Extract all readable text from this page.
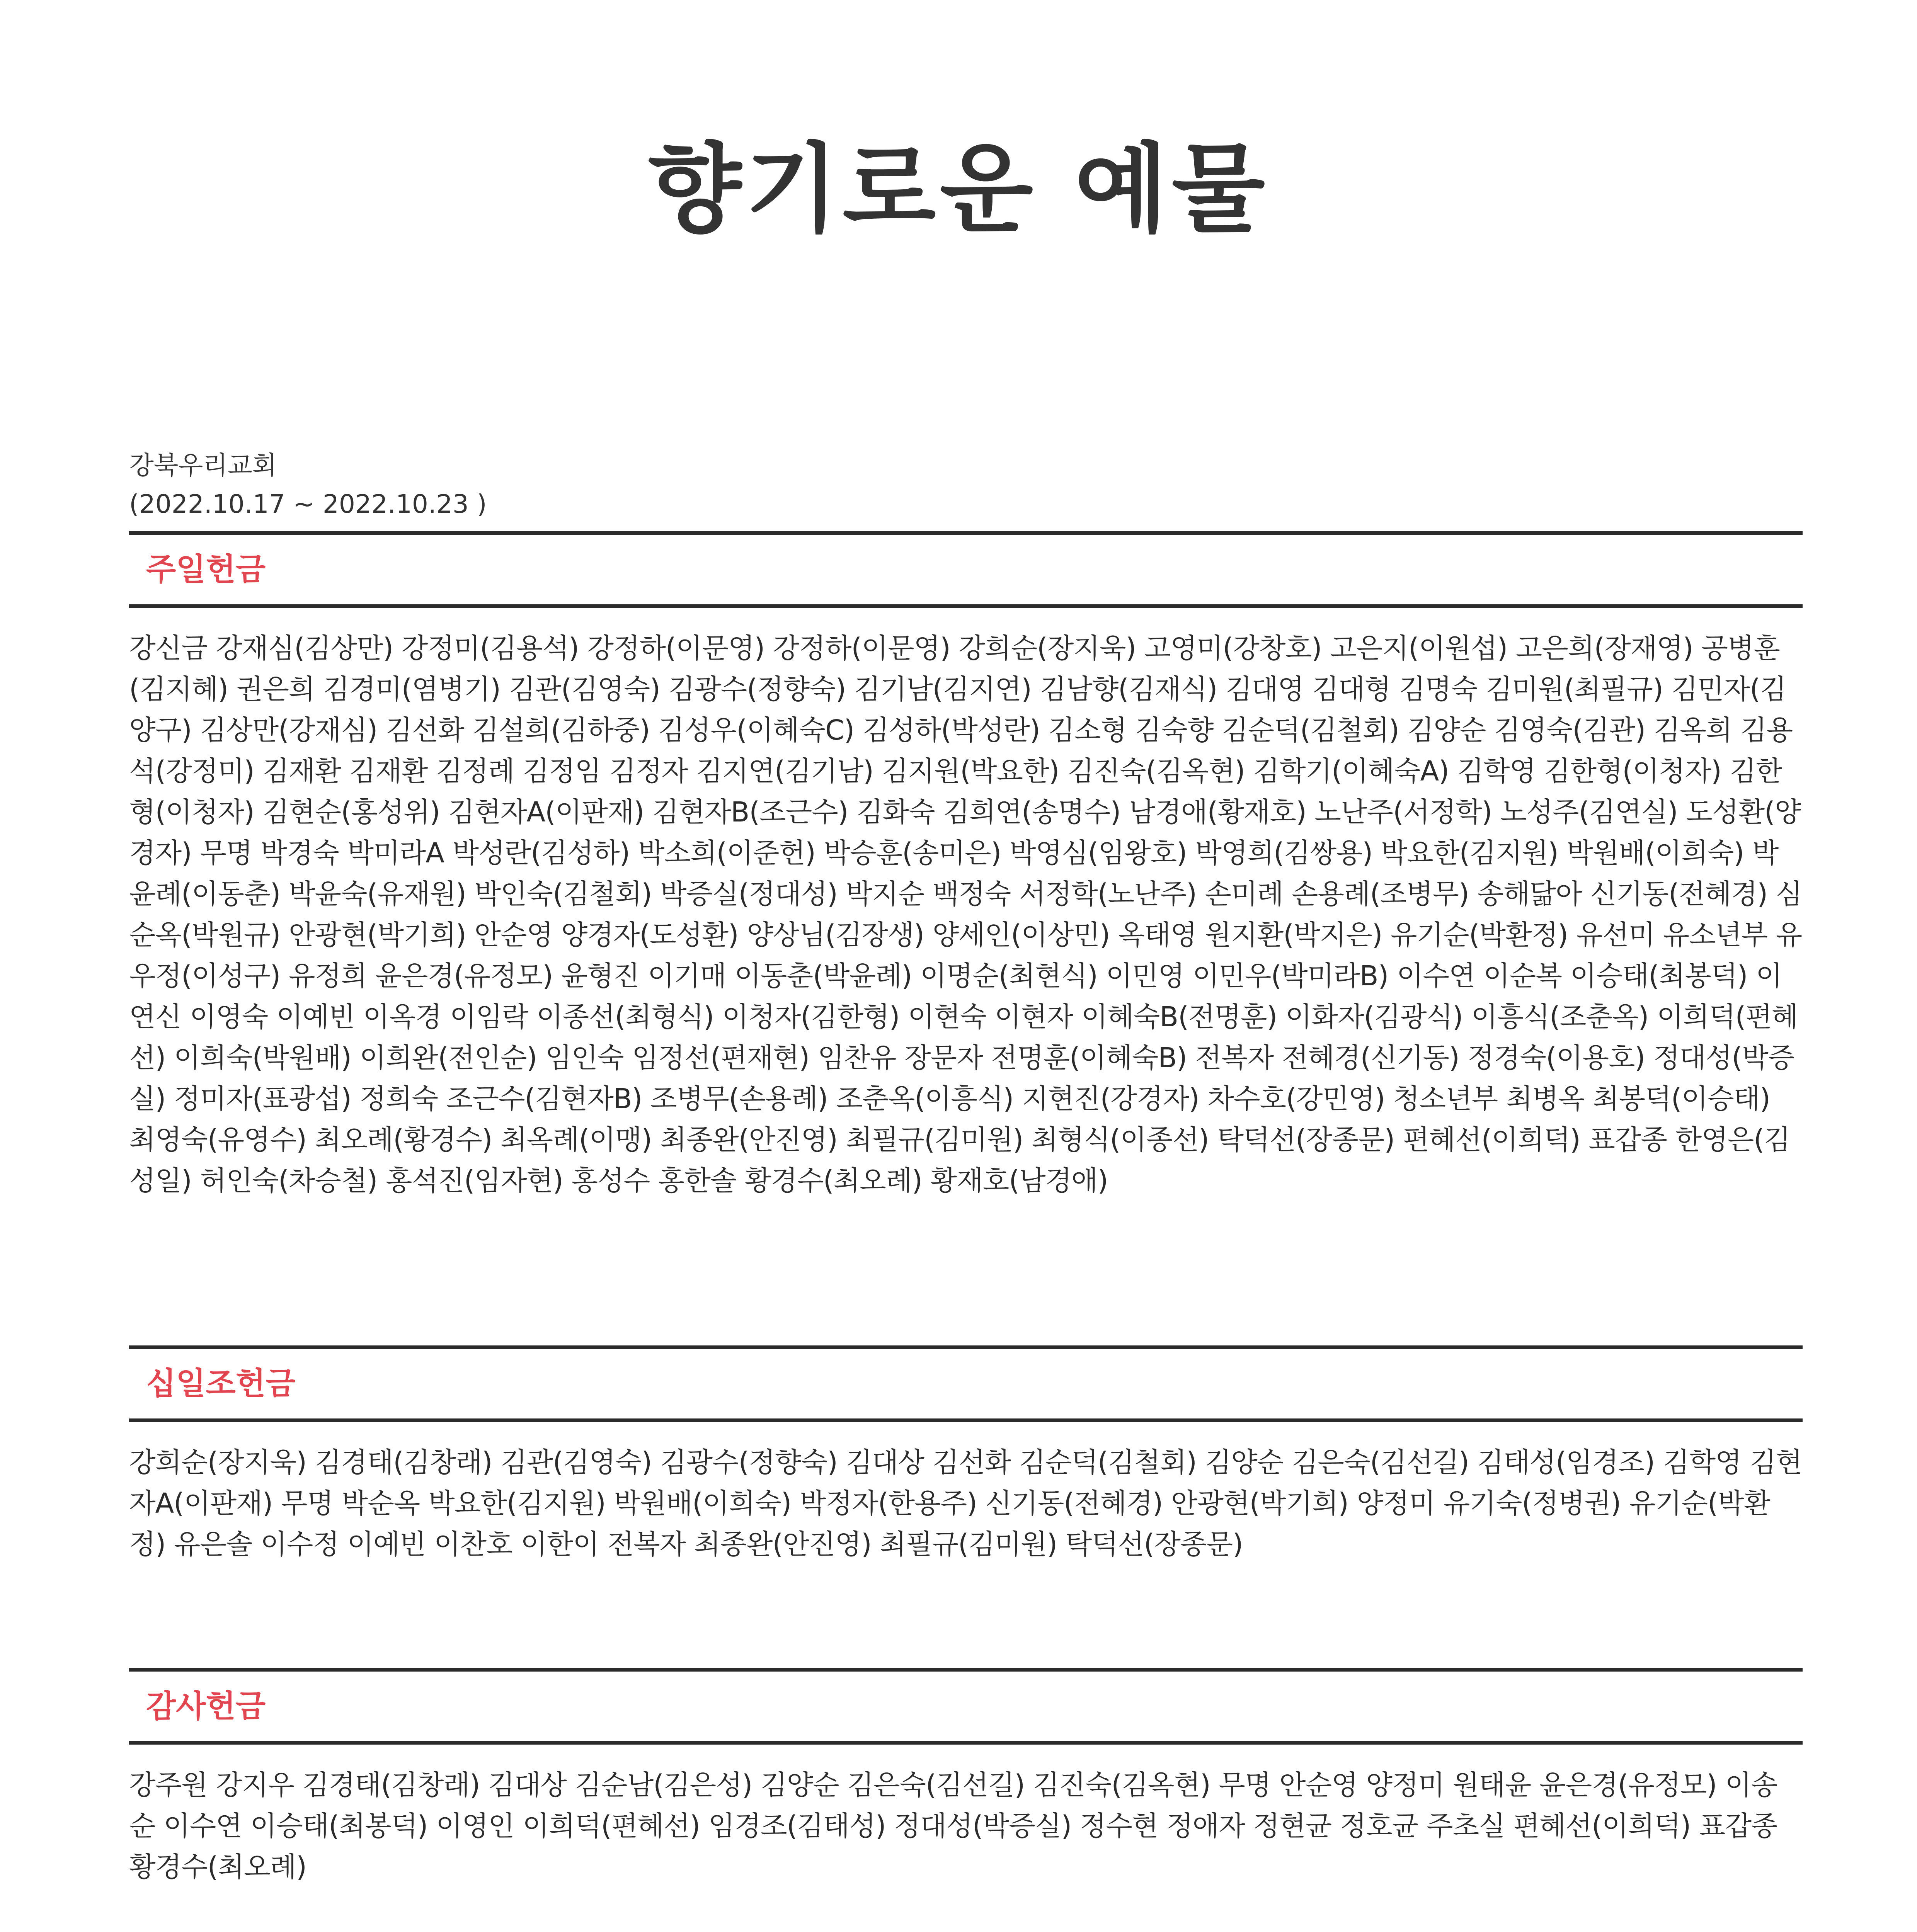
향기로운 예물
강북우리교회
(2022.10.17 ~ 2022.10.23 )
주일헌금

강신금 강재심(김상만) 강정미(김용석) 강정하(이문영) 강정하(이문영) 강희순(장지욱) 고영미(강창호) 고은지(이원섭) 고은희(장재영) 공병훈(김지혜) 권은희 김경미(염병기) 김관(김영숙) 김광수(정향숙) 김기남(김지연) 김남향(김재식) 김대영 김대형 김명숙 김미원(최필규) 김민자(김양구) 김상만(강재심) 김선화 김설희(김하중) 김성우(이혜숙C) 김성하(박성란) 김소형 김숙향 김순덕(김철회) 김양순 김영숙(김관) 김옥희 김용석(강정미) 김재환 김재환 김정례 김정임 김정자 김지연(김기남) 김지원(박요한) 김진숙(김옥현) 김학기(이혜숙A) 김학영 김한형(이청자) 김한형(이청자) 김현순(홍성위) 김현자A(이판재) 김현자B(조근수) 김화숙 김희연(송명수) 남경애(황재호) 노난주(서정학) 노성주(김연실) 도성환(양경자) 무명 박경숙 박미라A 박성란(김성하) 박소희(이준헌) 박승훈(송미은) 박영심(임왕호) 박영희(김쌍용) 박요한(김지원) 박원배(이희숙) 박윤례(이동춘) 박윤숙(유재원) 박인숙(김철회) 박증실(정대성) 박지순 백정숙 서정학(노난주) 손미례 손용례(조병무) 송해닮아 신기동(전혜경) 심순옥(박원규) 안광현(박기희) 안순영 양경자(도성환) 양상님(김장생) 양세인(이상민) 옥태영 원지환(박지은) 유기순(박환정) 유선미 유소년부 유우정(이성구) 유정희 윤은경(유정모) 윤형진 이기매 이동춘(박윤례) 이명순(최현식) 이민영 이민우(박미라B) 이수연 이순복 이승태(최봉덕) 이연신 이영숙 이예빈 이옥경 이임락 이종선(최형식) 이청자(김한형) 이현숙 이현자 이혜숙B(전명훈) 이화자(김광식) 이흥식(조춘옥) 이희덕(편혜선) 이희숙(박원배) 이희완(전인순) 임인숙 임정선(편재현) 임찬유 장문자 전명훈(이혜숙B) 전복자 전혜경(신기동) 정경숙(이용호) 정대성(박증실) 정미자(표광섭) 정희숙 조근수(김현자B) 조병무(손용례) 조춘옥(이흥식) 지현진(강경자) 차수호(강민영) 청소년부 최병옥 최봉덕(이승태) 최영숙(유영수) 최오례(황경수) 최옥례(이맹) 최종완(안진영) 최필규(김미원) 최형식(이종선) 탁덕선(장종문) 편혜선(이희덕) 표갑종 한영은(김성일) 허인숙(차승철) 홍석진(임자현) 홍성수 홍한솔 황경수(최오례) 황재호(남경애)

십일조헌금

강희순(장지욱) 김경태(김창래) 김관(김영숙) 김광수(정향숙) 김대상 김선화 김순덕(김철회) 김양순 김은숙(김선길) 김태성(임경조) 김학영 김현자A(이판재) 무명 박순옥 박요한(김지원) 박원배(이희숙) 박정자(한용주) 신기동(전혜경) 안광현(박기희) 양정미 유기숙(정병권) 유기순(박환정) 유은솔 이수정 이예빈 이찬호 이한이 전복자 최종완(안진영) 최필규(김미원) 탁덕선(장종문)

감사헌금

강주원 강지우 김경태(김창래) 김대상 김순남(김은성) 김양순 김은숙(김선길) 김진숙(김옥현) 무명 안순영 양정미 원태윤 윤은경(유정모) 이송순 이수연 이승태(최봉덕) 이영인 이희덕(편혜선) 임경조(김태성) 정대성(박증실) 정수현 정애자 정현균 정호균 주초실 편혜선(이희덕) 표갑종 황경수(최오례)
